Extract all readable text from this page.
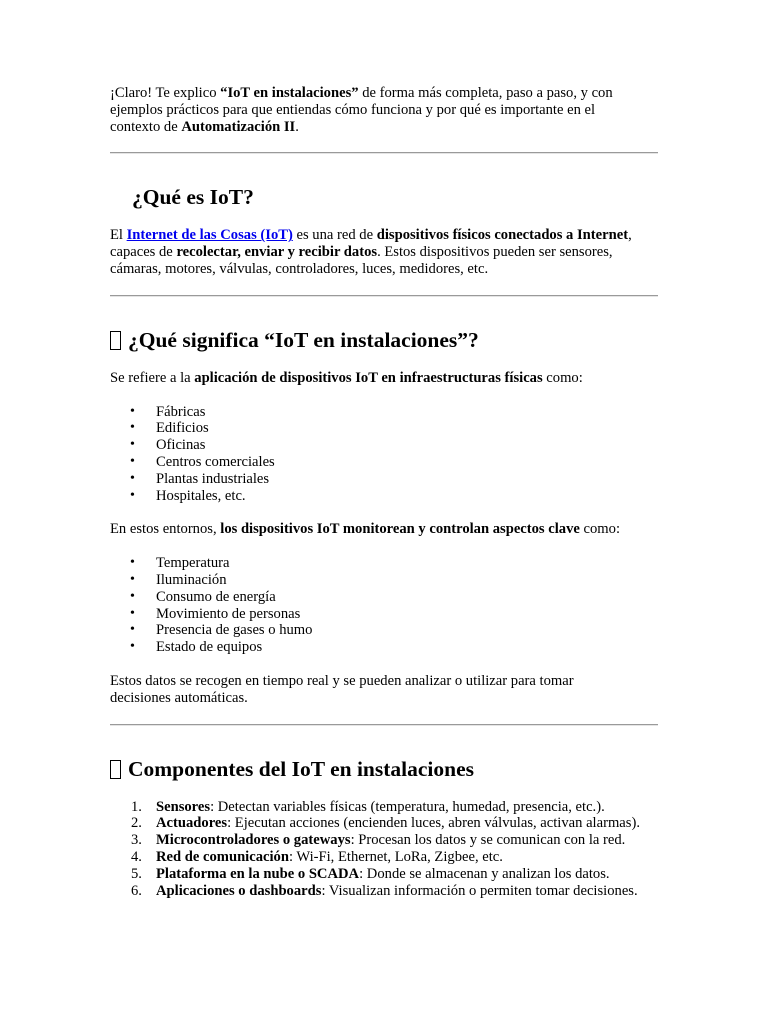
¡Claro! Te explico “IoT en instalaciones” de forma más completa, paso a paso, y con ejemplos prácticos para que entiendas cómo funciona y por qué es importante en el contexto de Automatización II.

¿Qué es IoT?

El Internet de las Cosas (IoT) es una red de dispositivos físicos conectados a Internet, capaces de recolectar, enviar y recibir datos. Estos dispositivos pueden ser sensores, cámaras, motores, válvulas, controladores, luces, medidores, etc.

¿Qué significa “IoT en instalaciones”?

Se refiere a la aplicación de dispositivos IoT en infraestructuras físicas como:

• Fábricas
• Edificios
• Oficinas
• Centros comerciales
• Plantas industriales
• Hospitales, etc.

En estos entornos, los dispositivos IoT monitorean y controlan aspectos clave como:

• Temperatura
• Iluminación
• Consumo de energía
• Movimiento de personas
• Presencia de gases o humo
• Estado de equipos

Estos datos se recogen en tiempo real y se pueden analizar o utilizar para tomar decisiones automáticas.

Componentes del IoT en instalaciones
1. Sensores: Detectan variables físicas (temperatura, humedad, presencia, etc.).
2. Actuadores: Ejecutan acciones (encienden luces, abren válvulas, activan alarmas).
3. Microcontroladores o gateways: Procesan los datos y se comunican con la red.
4. Red de comunicación: Wi-Fi, Ethernet, LoRa, Zigbee, etc.
5. Plataforma en la nube o SCADA: Donde se almacenan y analizan los datos.
6. Aplicaciones o dashboards: Visualizan información o permiten tomar decisiones.
